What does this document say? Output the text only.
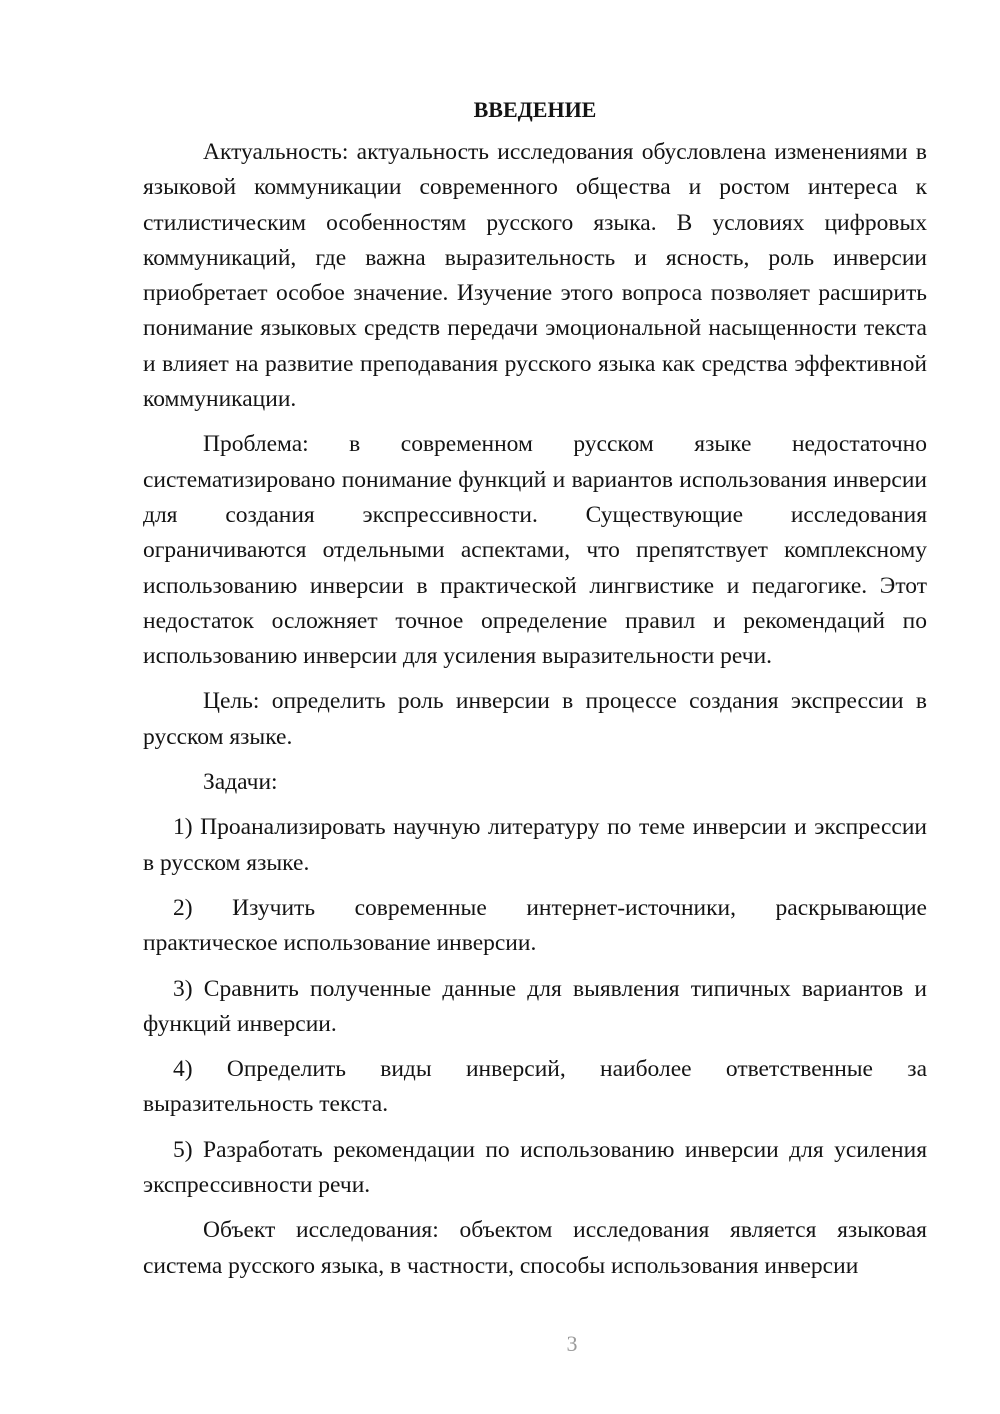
ВВЕДЕНИЕ

Актуальность: актуальность исследования обусловлена изменениями в языковой коммуникации современного общества и ростом интереса к стилистическим особенностям русского языка. В условиях цифровых коммуникаций, где важна выразительность и ясность, роль инверсии приобретает особое значение. Изучение этого вопроса позволяет расширить понимание языковых средств передачи эмоциональной насыщенности текста и влияет на развитие преподавания русского языка как средства эффективной коммуникации.

Проблема: в современном русском языке недостаточно систематизировано понимание функций и вариантов использования инверсии для создания экспрессивности. Существующие исследования ограничиваются отдельными аспектами, что препятствует комплексному использованию инверсии в практической лингвистике и педагогике. Этот недостаток осложняет точное определение правил и рекомендаций по использованию инверсии для усиления выразительности речи.

Цель: определить роль инверсии в процессе создания экспрессии в русском языке.

Задачи:

1) Проанализировать научную литературу по теме инверсии и экспрессии в русском языке.

2) Изучить современные интернет-источники, раскрывающие практическое использование инверсии.

3) Сравнить полученные данные для выявления типичных вариантов и функций инверсии.

4) Определить виды инверсий, наиболее ответственные за выразительность текста.

5) Разработать рекомендации по использованию инверсии для усиления экспрессивности речи.

Объект исследования: объектом исследования является языковая система русского языка, в частности, способы использования инверсии

3
